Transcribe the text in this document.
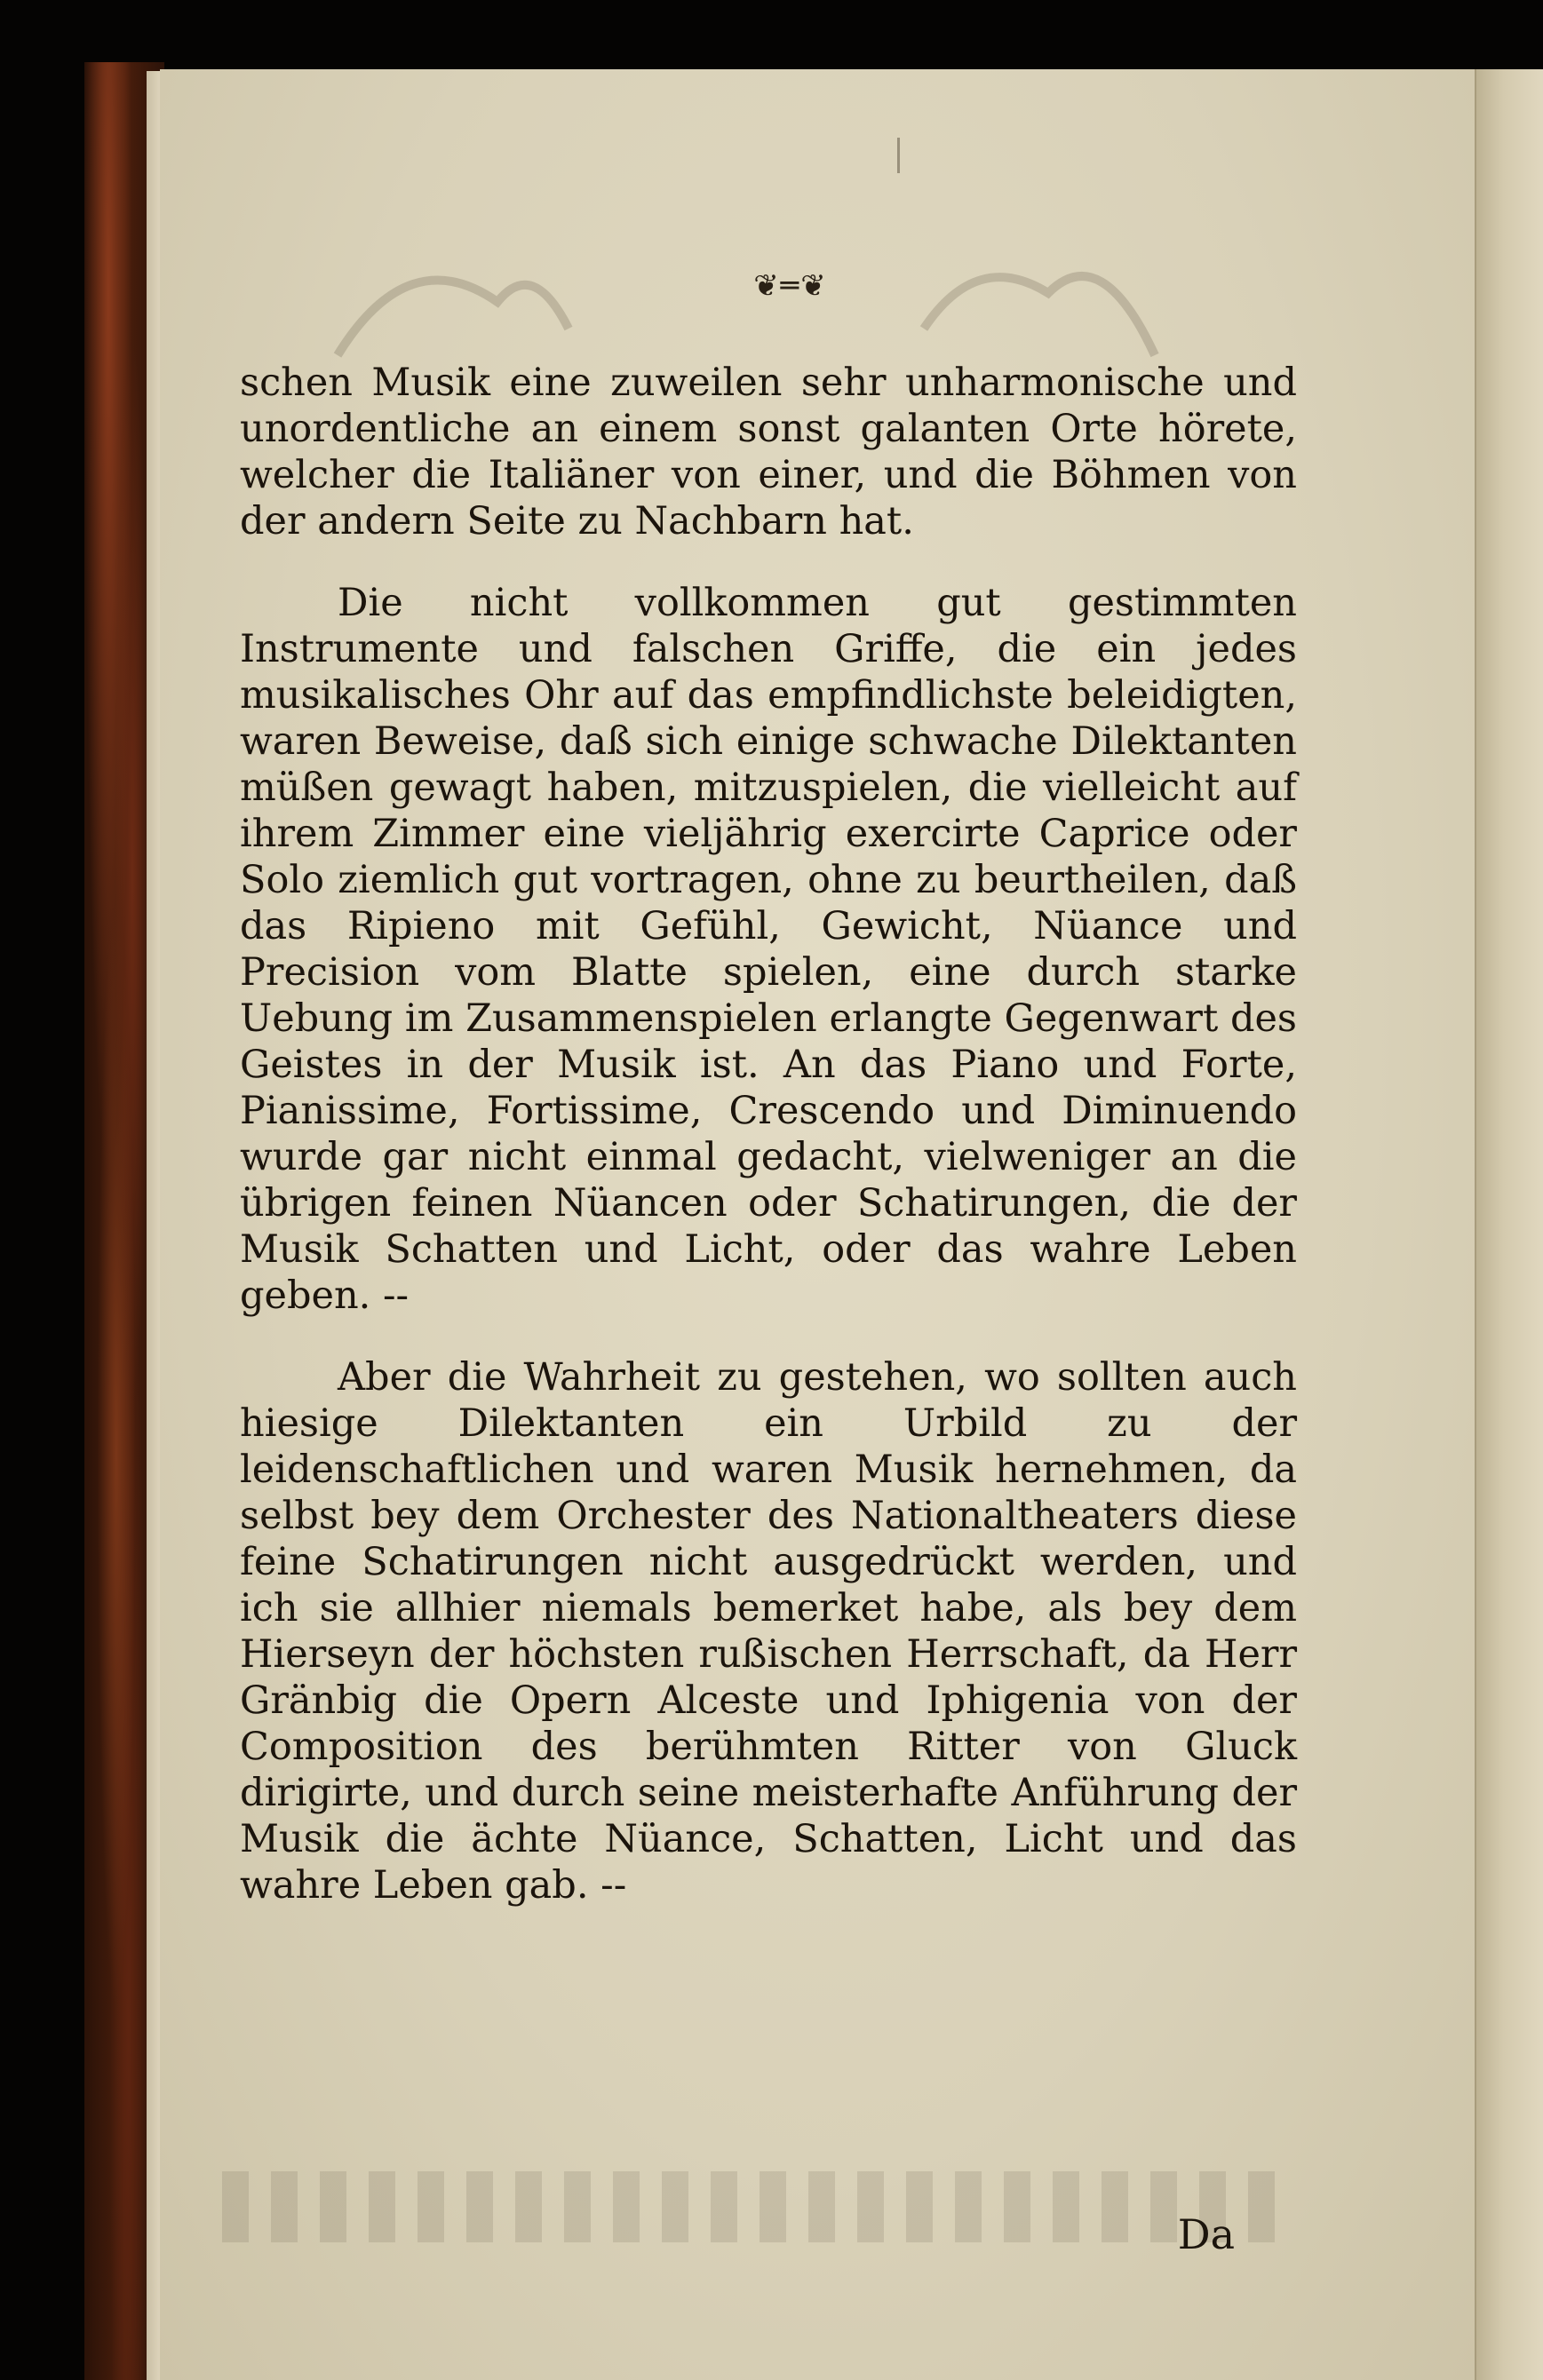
❦═❦

schen Musik eine zuweilen sehr unharmonische und unordentliche an einem sonst galanten Orte hörete, welcher die Italiäner von einer, und die Böhmen von der andern Seite zu Nachbarn hat.

Die nicht vollkommen gut gestimmten Instrumente und falschen Griffe, die ein jedes musikalisches Ohr auf das empfindlichste beleidigten, waren Beweise, daß sich einige schwache Dilektanten müßen gewagt haben, mitzuspielen, die vielleicht auf ihrem Zimmer eine vieljährig exercirte Caprice oder Solo ziemlich gut vortragen, ohne zu beurtheilen, daß das Ripieno mit Gefühl, Gewicht, Nüance und Precision vom Blatte spielen, eine durch starke Uebung im Zusammenspielen erlangte Gegenwart des Geistes in der Musik ist. An das Piano und Forte, Pianissime, Fortissime, Crescendo und Diminuendo wurde gar nicht einmal gedacht, vielweniger an die übrigen feinen Nüancen oder Schatirungen, die der Musik Schatten und Licht, oder das wahre Leben geben. --

Aber die Wahrheit zu gestehen, wo sollten auch hiesige Dilektanten ein Urbild zu der leidenschaftlichen und waren Musik hernehmen, da selbst bey dem Orchester des Nationaltheaters diese feine Schatirungen nicht ausgedrückt werden, und ich sie allhier niemals bemerket habe, als bey dem Hierseyn der höchsten rußischen Herrschaft, da Herr Gränbig die Opern Alceste und Iphigenia von der Composition des berühmten Ritter von Gluck dirigirte, und durch seine meisterhafte Anführung der Musik die ächte Nüance, Schatten, Licht und das wahre Leben gab. --

Da
